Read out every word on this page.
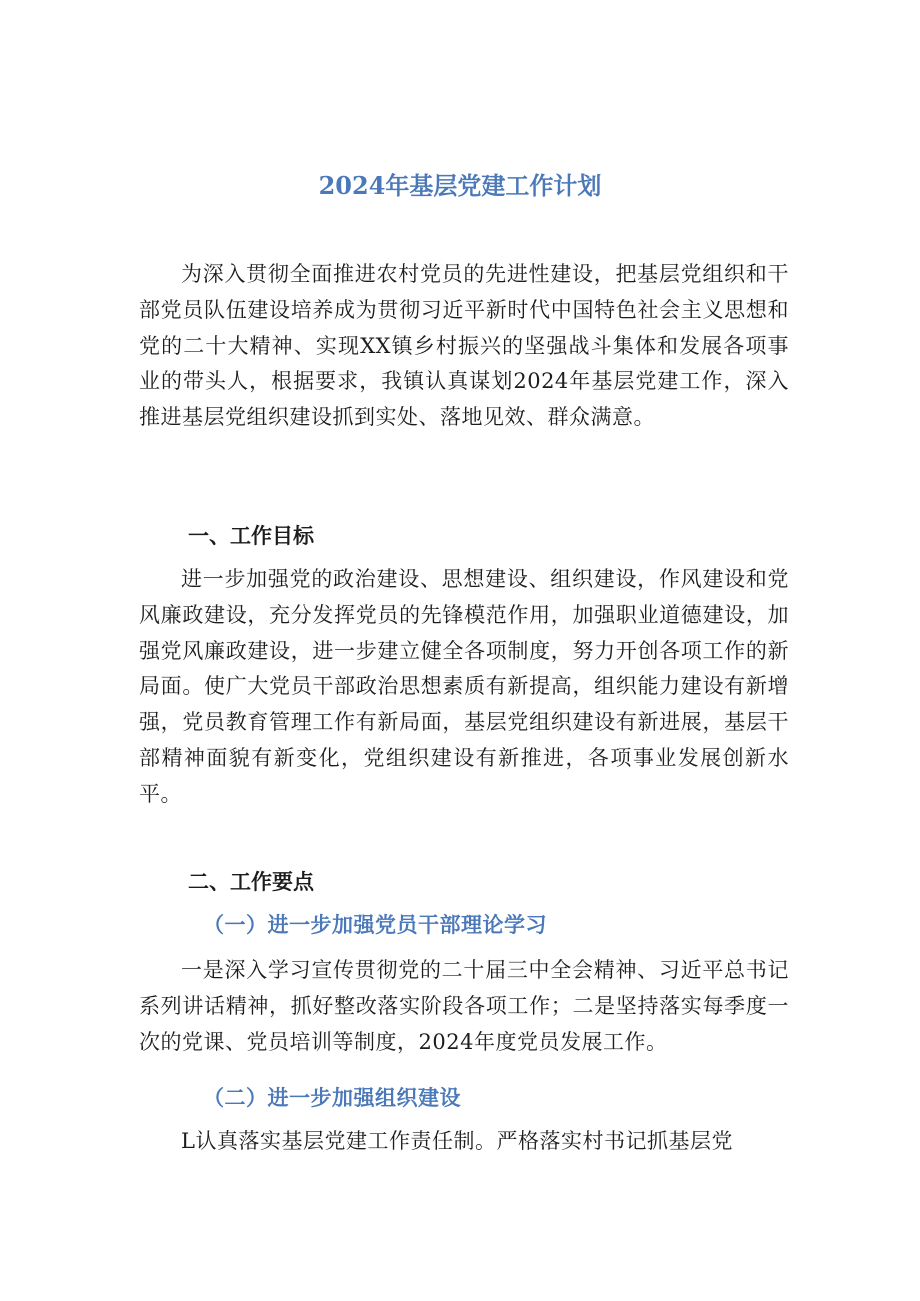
2024年基层党建工作计划

为深入贯彻全面推进农村党员的先进性建设，把基层党组织和干部党员队伍建设培养成为贯彻习近平新时代中国特色社会主义思想和党的二十大精神、实现XX镇乡村振兴的坚强战斗集体和发展各项事业的带头人，根据要求，我镇认真谋划2024年基层党建工作，深入推进基层党组织建设抓到实处、落地见效、群众满意。

一、工作目标

进一步加强党的政治建设、思想建设、组织建设，作风建设和党风廉政建设，充分发挥党员的先锋模范作用，加强职业道德建设，加强党风廉政建设，进一步建立健全各项制度，努力开创各项工作的新局面。使广大党员干部政治思想素质有新提高，组织能力建设有新增强，党员教育管理工作有新局面，基层党组织建设有新进展，基层干部精神面貌有新变化，党组织建设有新推进，各项事业发展创新水平。

二、工作要点
（一）进一步加强党员干部理论学习

一是深入学习宣传贯彻党的二十届三中全会精神、习近平总书记系列讲话精神，抓好整改落实阶段各项工作；二是坚持落实每季度一次的党课、党员培训等制度，2024年度党员发展工作。

（二）进一步加强组织建设

L认真落实基层党建工作责任制。严格落实村书记抓基层党
